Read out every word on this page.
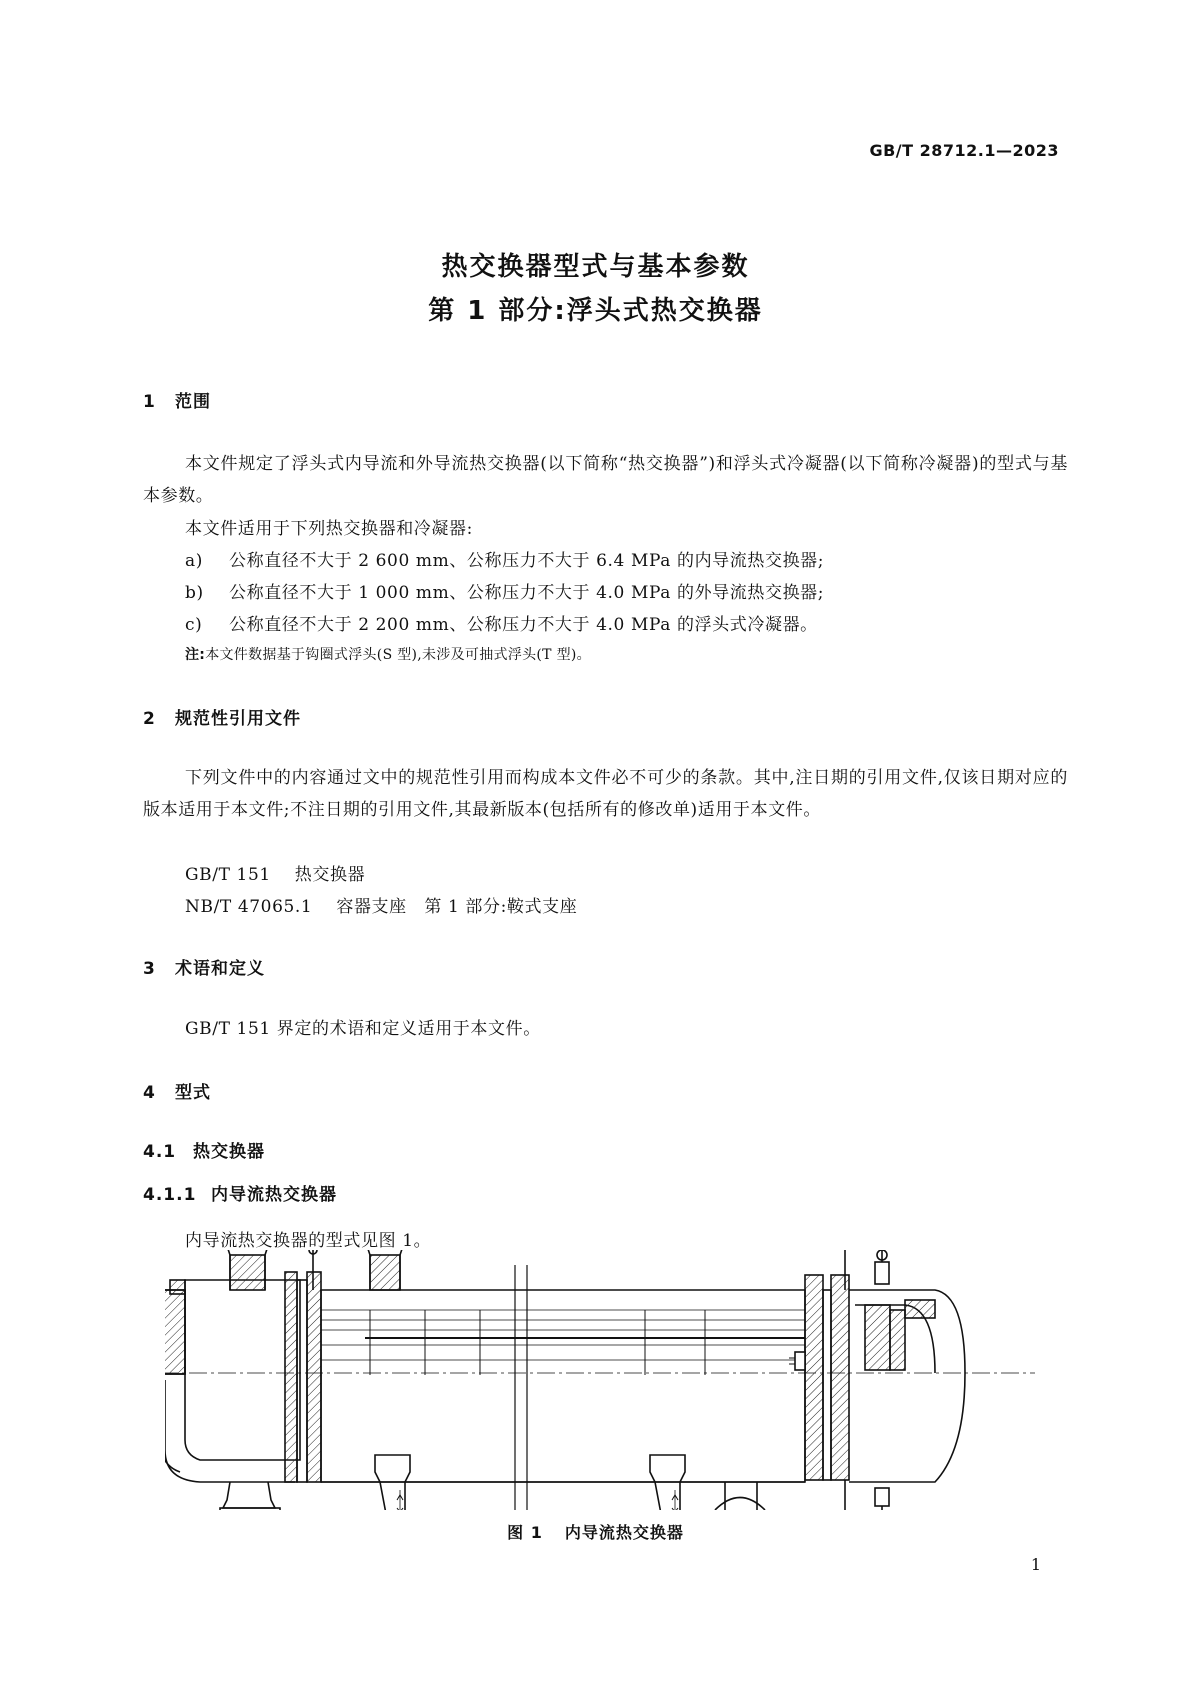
GB/T 28712.1—2023
热交换器型式与基本参数
第 1 部分:浮头式热交换器
1 范围
本文件规定了浮头式内导流和外导流热交换器(以下简称“热交换器”)和浮头式冷凝器(以下简称冷凝器)的型式与基本参数。
本文件适用于下列热交换器和冷凝器:
a) 公称直径不大于 2 600 mm、公称压力不大于 6.4 MPa 的内导流热交换器;
b) 公称直径不大于 1 000 mm、公称压力不大于 4.0 MPa 的外导流热交换器;
c) 公称直径不大于 2 200 mm、公称压力不大于 4.0 MPa 的浮头式冷凝器。
注:本文件数据基于钩圈式浮头(S 型),未涉及可抽式浮头(T 型)。
2 规范性引用文件
下列文件中的内容通过文中的规范性引用而构成本文件必不可少的条款。其中,注日期的引用文件,仅该日期对应的版本适用于本文件;不注日期的引用文件,其最新版本(包括所有的修改单)适用于本文件。
GB/T 151 热交换器
NB/T 47065.1 容器支座　第 1 部分:鞍式支座
3 术语和定义
GB/T 151 界定的术语和定义适用于本文件。
4 型式
4.1 热交换器
4.1.1 内导流热交换器
内导流热交换器的型式见图 1。
图 1 内导流热交换器
1
